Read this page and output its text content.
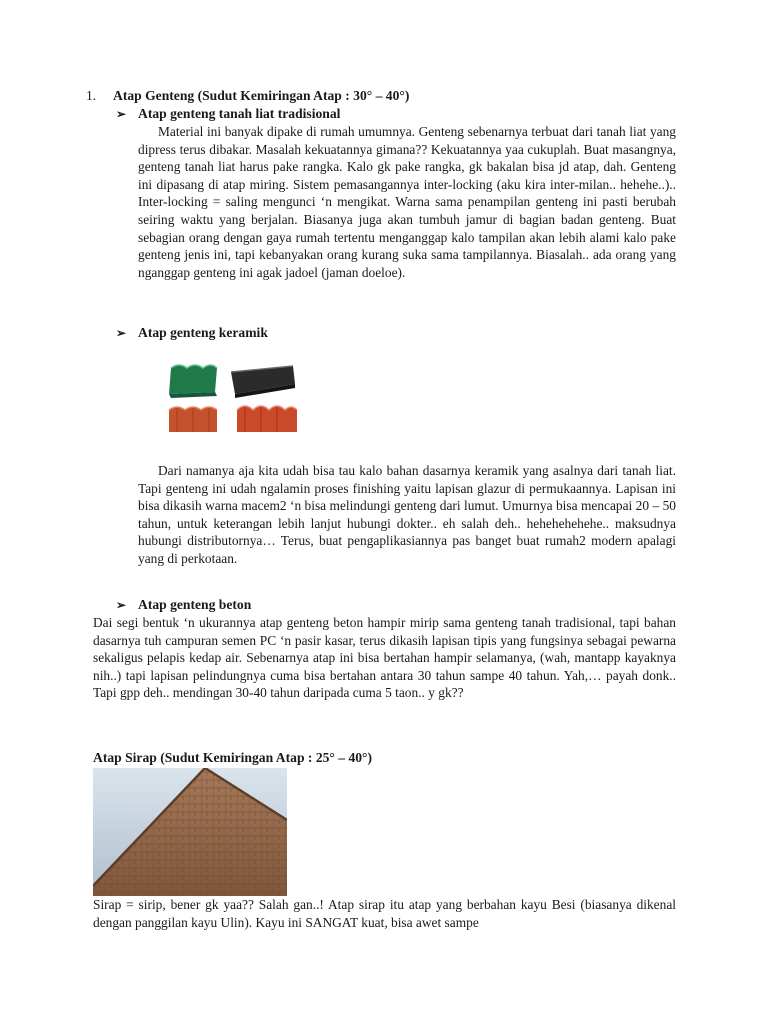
1. Atap Genteng (Sudut Kemiringan Atap : 30° – 40°)
➢ Atap genteng tanah liat tradisional

Material ini banyak dipake di rumah umumnya. Genteng sebenarnya terbuat dari tanah liat yang dipress terus dibakar. Masalah kekuatannya gimana?? Kekuatannya yaa cukuplah. Buat masangnya, genteng tanah liat harus pake rangka. Kalo gk pake rangka, gk bakalan bisa jd atap, dah. Genteng ini dipasang di atap miring. Sistem pemasangannya inter-locking (aku kira inter-milan.. hehehe..).. Inter-locking = saling mengunci ‘n mengikat. Warna sama penampilan genteng ini pasti berubah seiring waktu yang berjalan. Biasanya juga akan tumbuh jamur di bagian badan genteng. Buat sebagian orang dengan gaya rumah tertentu menganggap kalo tampilan akan lebih alami kalo pake genteng jenis ini, tapi kebanyakan orang kurang suka sama tampilannya. Biasalah.. ada orang yang nganggap genteng ini agak jadoel (jaman doeloe).

➢ Atap genteng keramik

Dari namanya aja kita udah bisa tau kalo bahan dasarnya keramik yang asalnya dari tanah liat. Tapi genteng ini udah ngalamin proses finishing yaitu lapisan glazur di permukaannya. Lapisan ini bisa dikasih warna macem2 ‘n bisa melindungi genteng dari lumut. Umurnya bisa mencapai 20 – 50 tahun, untuk keterangan lebih lanjut hubungi dokter.. eh salah deh.. hehehehehehe.. maksudnya hubungi distributornya… Terus, buat pengaplikasiannya pas banget buat rumah2 modern apalagi yang di perkotaan.

➢ Atap genteng beton

Dai segi bentuk ‘n ukurannya atap genteng beton hampir mirip sama genteng tanah tradisional, tapi bahan dasarnya tuh campuran semen PC ‘n pasir kasar, terus dikasih lapisan tipis yang fungsinya sebagai pewarna sekaligus pelapis kedap air. Sebenarnya atap ini bisa bertahan hampir selamanya, (wah, mantapp kayaknya nih..) tapi lapisan pelindungnya cuma bisa bertahan antara 30 tahun sampe 40 tahun. Yah,… payah donk.. Tapi gpp deh.. mendingan 30-40 tahun daripada cuma 5 taon.. y gk??

Atap Sirap (Sudut Kemiringan Atap : 25° – 40°)

Sirap = sirip, bener gk yaa?? Salah gan..! Atap sirap itu atap yang berbahan kayu Besi (biasanya dikenal dengan panggilan kayu Ulin). Kayu ini SANGAT kuat, bisa awet sampe
